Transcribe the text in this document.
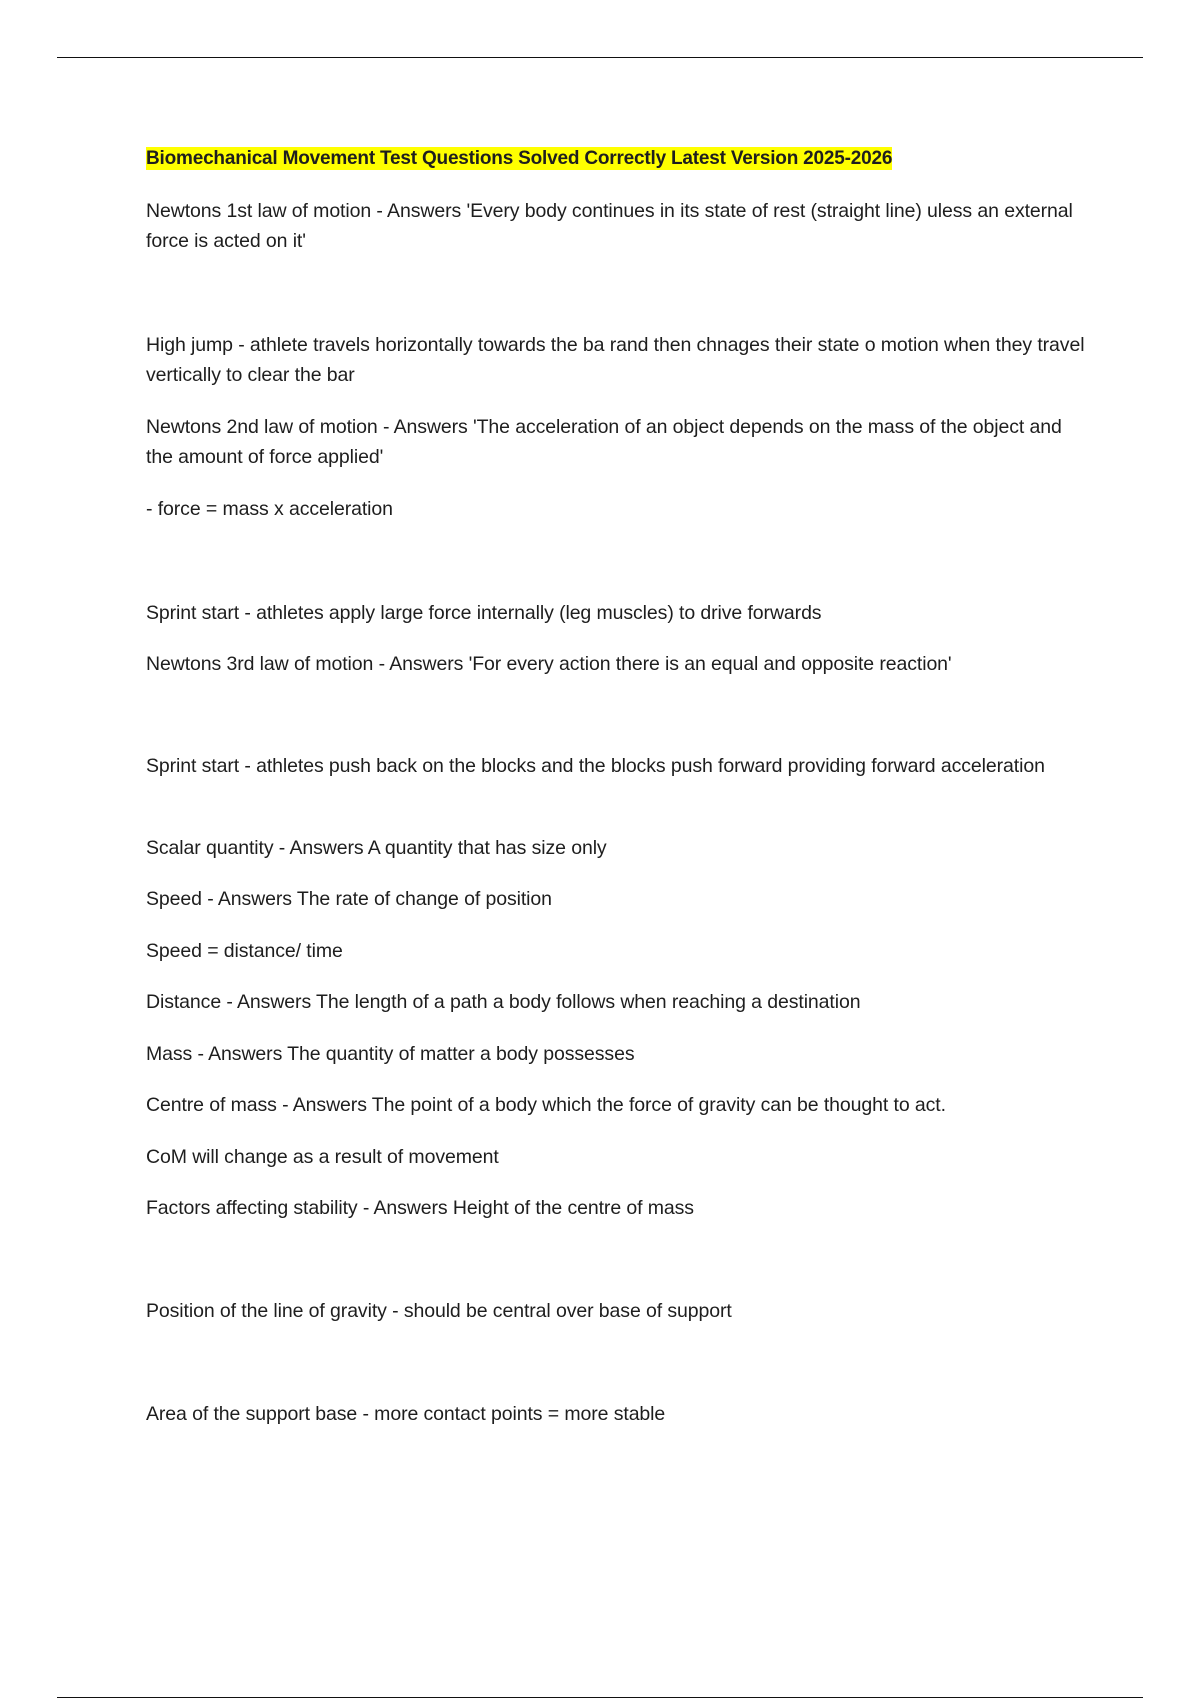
Biomechanical Movement Test Questions Solved Correctly Latest Version 2025-2026

Newtons 1st law of motion - Answers 'Every body continues in its state of rest (straight line) uless an external force is acted on it'

High jump - athlete travels horizontally towards the ba rand then chnages their state o motion when they travel vertically to clear the bar

Newtons 2nd law of motion - Answers 'The acceleration of an object depends on the mass of the object and the amount of force applied'

- force = mass x acceleration

Sprint start - athletes apply large force internally (leg muscles) to drive forwards

Newtons 3rd law of motion - Answers 'For every action there is an equal and opposite reaction'

Sprint start - athletes push back on the blocks and the blocks push forward providing forward acceleration

Scalar quantity - Answers A quantity that has size only

Speed - Answers The rate of change of position

Speed = distance/ time

Distance - Answers The length of a path a body follows when reaching a destination

Mass - Answers The quantity of matter a body possesses

Centre of mass - Answers The point of a body which the force of gravity can be thought to act.

CoM will change as a result of movement

Factors affecting stability - Answers Height of the centre of mass

Position of the line of gravity - should be central over base of support

Area of the support base - more contact points = more stable
